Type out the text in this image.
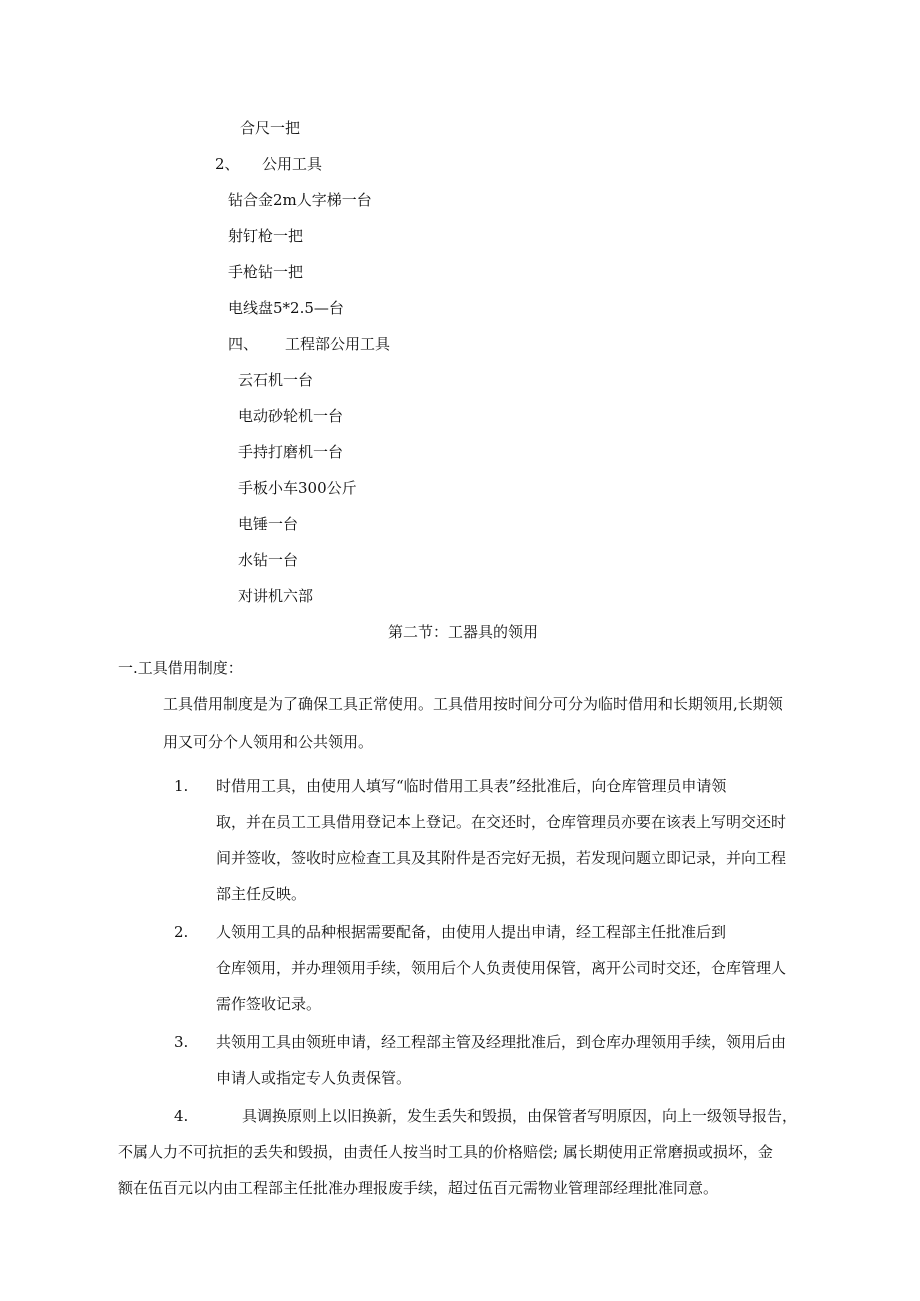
合尺一把
2、 公用工具
钻合金2m人字梯一台
射钉枪一把
手枪钻一把
电线盘5*2.5—台
四、 工程部公用工具
云石机一台
电动砂轮机一台
手持打磨机一台
手板小车300公斤
电锤一台
水钻一台
对讲机六部
第二节：工器具的领用
一.工具借用制度：
工具借用制度是为了确保工具正常使用。工具借用按时间分可分为临时借用和长期领用,长期领
用又可分个人领用和公共领用。
1. 时借用工具，由使用人填写“临时借用工具表”经批准后，向仓库管理员申请领
取，并在员工工具借用登记本上登记。在交还时，仓库管理员亦要在该表上写明交还时
间并签收，签收时应检查工具及其附件是否完好无损，若发现问题立即记录，并向工程
部主任反映。
2. 人领用工具的品种根据需要配备，由使用人提出申请，经工程部主任批准后到
仓库领用，并办理领用手续，领用后个人负责使用保管，离开公司时交还，仓库管理人
需作签收记录。
3. 共领用工具由领班申请，经工程部主管及经理批准后，到仓库办理领用手续，领用后由
申请人或指定专人负责保管。
4.	具调换原则上以旧换新，发生丢失和毁损，由保管者写明原因，向上一级领导报告，
不属人力不可抗拒的丢失和毁损，由责任人按当时工具的价格赔偿; 属长期使用正常磨损或损坏，金
额在伍百元以内由工程部主任批准办理报废手续，超过伍百元需物业管理部经理批准同意。
